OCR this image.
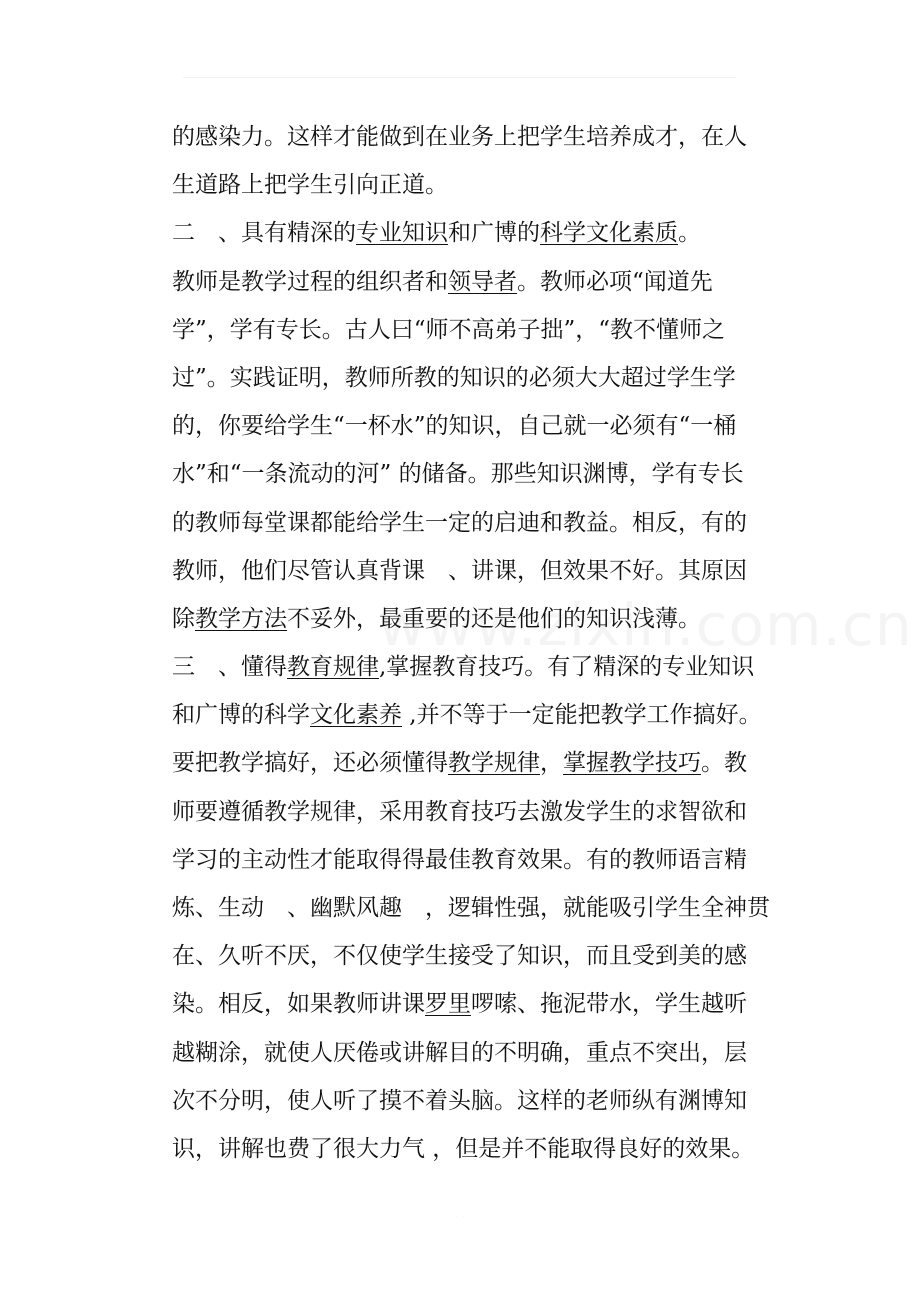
的感染力。这样才能做到在业务上把学生培养成才，在人
生道路上把学生引向正道。
二　、具有精深的专业知识和广博的科学文化素质。
教师是教学过程的组织者和领导者。教师必项“闻道先
学”，学有专长。古人曰“师不高弟子拙”，“教不懂师之
过”。实践证明，教师所教的知识的必须大大超过学生学
的，你要给学生“一杯水”的知识，自己就一必须有“一桶
水”和“一条流动的河” 的储备。那些知识渊博，学有专长
的教师每堂课都能给学生一定的启迪和教益。相反，有的
教师，他们尽管认真背课　、讲课，但效果不好。其原因
除教学方法不妥外，最重要的还是他们的知识浅薄。
三　、懂得教育规律,掌握教育技巧。有了精深的专业知识
和广博的科学文化素养 ,并不等于一定能把教学工作搞好。
要把教学搞好，还必须懂得教学规律，掌握教学技巧。教
师要遵循教学规律，采用教育技巧去激发学生的求智欲和
学习的主动性才能取得得最佳教育效果。有的教师语言精
炼、生动　、幽默风趣　，逻辑性强，就能吸引学生全神贯
在、久听不厌，不仅使学生接受了知识，而且受到美的感
染。相反，如果教师讲课罗里啰嗦、拖泥带水，学生越听
越糊涂，就使人厌倦或讲解目的不明确，重点不突出，层
次不分明，使人听了摸不着头脑。这样的老师纵有渊博知
识，讲解也费了很大力气 ，但是并不能取得良好的效果。
· ·
